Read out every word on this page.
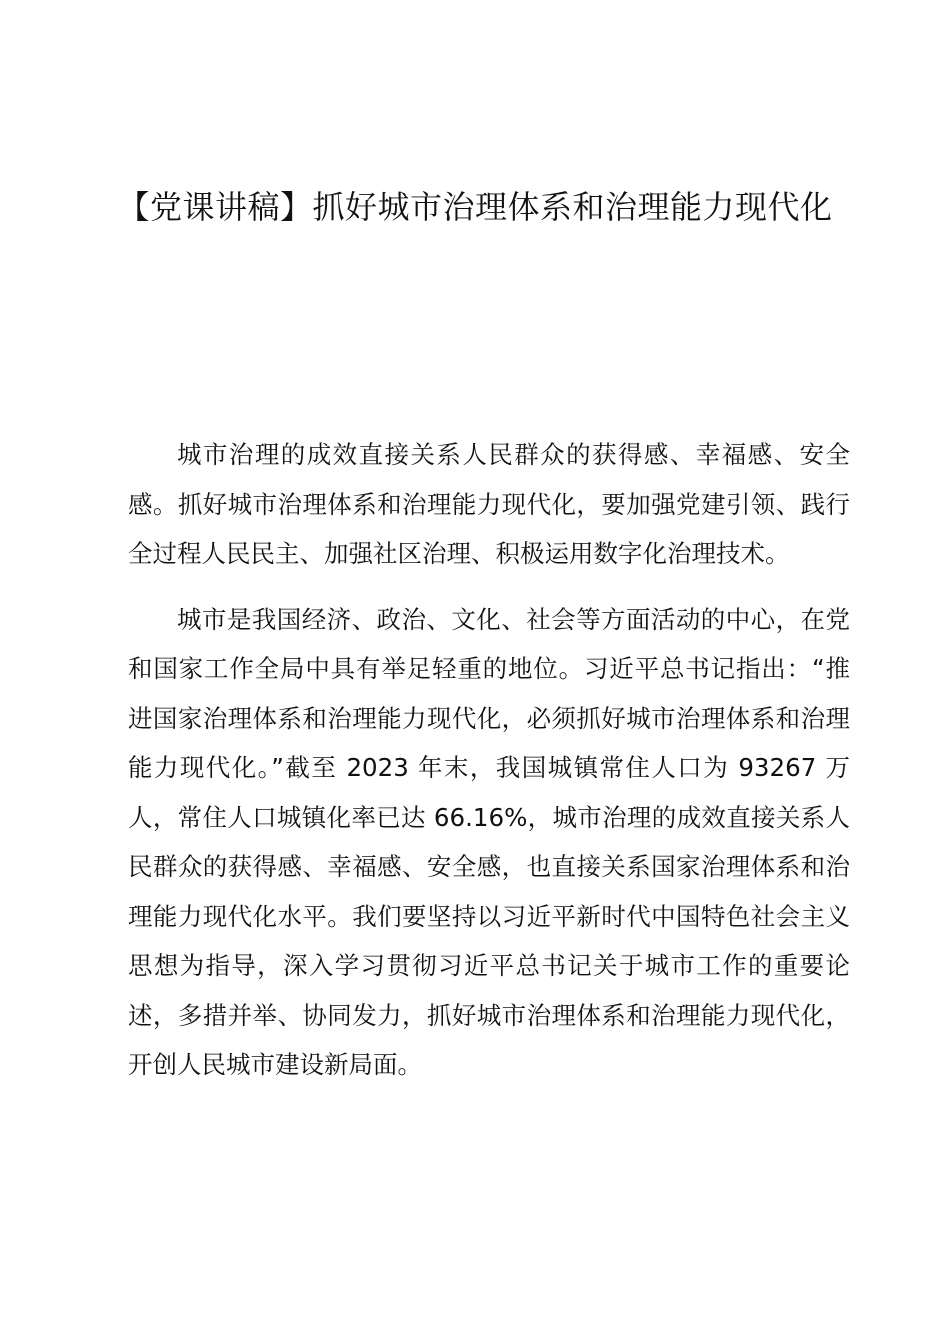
【党课讲稿】抓好城市治理体系和治理能力现代化

城市治理的成效直接关系人民群众的获得感、幸福感、安全感。抓好城市治理体系和治理能力现代化，要加强党建引领、践行全过程人民民主、加强社区治理、积极运用数字化治理技术。

城市是我国经济、政治、文化、社会等方面活动的中心，在党和国家工作全局中具有举足轻重的地位。习近平总书记指出：“推进国家治理体系和治理能力现代化，必须抓好城市治理体系和治理能力现代化。”截至 2023 年末，我国城镇常住人口为 93267 万人，常住人口城镇化率已达 66.16%，城市治理的成效直接关系人民群众的获得感、幸福感、安全感，也直接关系国家治理体系和治理能力现代化水平。我们要坚持以习近平新时代中国特色社会主义思想为指导，深入学习贯彻习近平总书记关于城市工作的重要论述，多措并举、协同发力，抓好城市治理体系和治理能力现代化，开创人民城市建设新局面。
